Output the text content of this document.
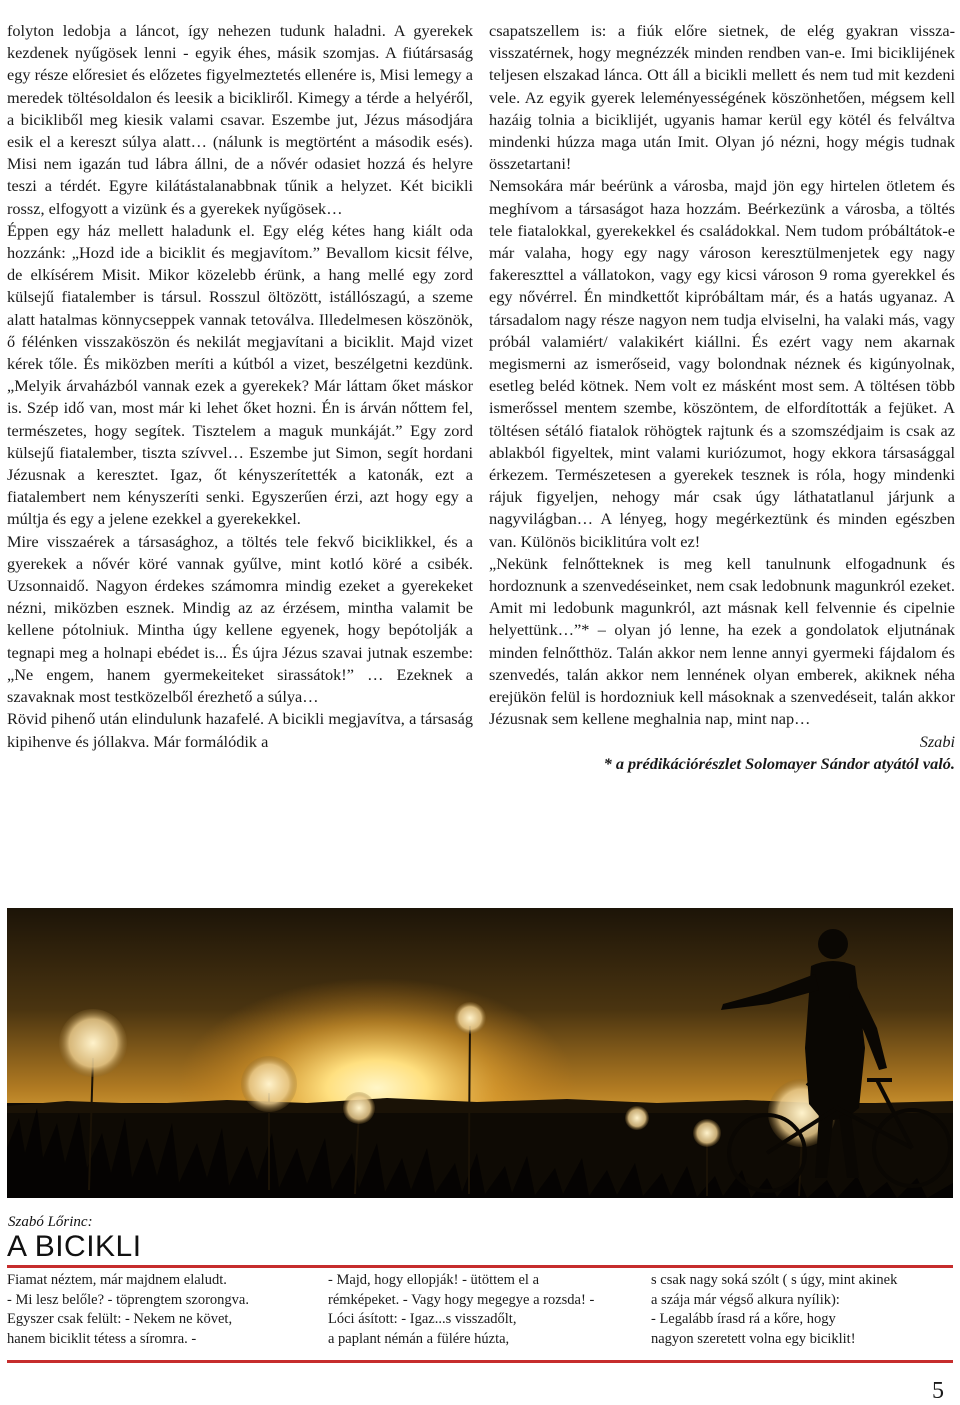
folyton ledobja a láncot, így nehezen tudunk haladni. A gyerekek kezdenek nyűgösek lenni - egyik éhes, másik szomjas. A fiútársaság egy része előresiet és előzetes figyelmeztetés ellenére is, Misi lemegy a meredek töltésoldalon és leesik a bicikliről. Kimegy a térde a helyéről, a bicikliből meg kiesik valami csavar. Eszembe jut, Jézus másodjára esik el a kereszt súlya alatt… (nálunk is megtörtént a második esés). Misi nem igazán tud lábra állni, de a nővér odasiet hozzá és helyre teszi a térdét. Egyre kilátástalanabbnak tűnik a helyzet. Két bicikli rossz, elfogyott a vizünk és a gyerekek nyűgösek…

Éppen egy ház mellett haladunk el. Egy elég kétes hang kiált oda hozzánk: „Hozd ide a biciklit és megjavítom.” Bevallom kicsit félve, de elkísérem Misit. Mikor közelebb érünk, a hang mellé egy zord külsejű fiatalember is társul. Rosszul öltözött, istállószagú, a szeme alatt hatalmas könnycseppek vannak tetoválva. Illedelmesen köszönök, ő félénken visszaköszön és nekilát megjavítani a biciklit. Majd vizet kérek tőle. És miközben meríti a kútból a vizet, beszélgetni kezdünk. „Melyik árvaházból vannak ezek a gyerekek? Már láttam őket máskor is. Szép idő van, most már ki lehet őket hozni. Én is árván nőttem fel, természetes, hogy segítek. Tisztelem a maguk munkáját.” Egy zord külsejű fiatalember, tiszta szívvel… Eszembe jut Simon, segít hordani Jézusnak a keresztet. Igaz, őt kényszerítették a katonák, ezt a fiatalembert nem kényszeríti senki. Egyszerűen érzi, azt hogy egy a múltja és egy a jelene ezekkel a gyerekekkel.

Mire visszaérek a társasághoz, a töltés tele fekvő biciklikkel, és a gyerekek a nővér köré vannak gyűlve, mint kotló köré a csibék. Uzsonnaidő. Nagyon érdekes számomra mindig ezeket a gyerekeket nézni, miközben esznek. Mindig az az érzésem, mintha valamit be kellene pótolniuk. Mintha úgy kellene egyenek, hogy bepótolják a tegnapi meg a holnapi ebédet is... És újra Jézus szavai jutnak eszembe: „Ne engem, hanem gyermekeiteket sirassátok!” … Ezeknek a szavaknak most testközelből érezhető a súlya…

Rövid pihenő után elindulunk hazafelé. A bicikli megjavítva, a társaság kipihenve és jóllakva. Már formálódik a

csapatszellem is: a fiúk előre sietnek, de elég gyakran vissza-visszatérnek, hogy megnézzék minden rendben van-e. Imi biciklijének teljesen elszakad lánca. Ott áll a bicikli mellett és nem tud mit kezdeni vele. Az egyik gyerek leleményességének köszönhetően, mégsem kell hazáig tolnia a biciklijét, ugyanis hamar kerül egy kötél és felváltva mindenki húzza maga után Imit. Olyan jó nézni, hogy mégis tudnak összetartani!

Nemsokára már beérünk a városba, majd jön egy hirtelen ötletem és meghívom a társaságot haza hozzám. Beérkezünk a városba, a töltés tele fiatalokkal, gyerekekkel és családokkal. Nem tudom próbáltátok-e már valaha, hogy egy nagy városon keresztülmenjetek egy nagy fakereszttel a vállatokon, vagy egy kicsi városon 9 roma gyerekkel és egy nővérrel. Én mindkettőt kipróbáltam már, és a hatás ugyanaz. A társadalom nagy része nagyon nem tudja elviselni, ha valaki más, vagy próbál valamiért/ valakikért kiállni. És ezért vagy nem akarnak megismerni az ismerőseid, vagy bolondnak néznek és kigúnyolnak, esetleg beléd kötnek. Nem volt ez másként most sem. A töltésen több ismerőssel mentem szembe, köszöntem, de elfordították a fejüket. A töltésen sétáló fiatalok röhögtek rajtunk és a szomszédjaim is csak az ablakból figyeltek, mint valami kuriózumot, hogy ekkora társasággal érkezem. Természetesen a gyerekek tesznek is róla, hogy mindenki rájuk figyeljen, nehogy már csak úgy láthatatlanul járjunk a nagyvilágban… A lényeg, hogy megérkeztünk és minden egészben van. Különös biciklitúra volt ez!

„Nekünk felnőtteknek is meg kell tanulnunk elfogadnunk és hordoznunk a szenvedéseinket, nem csak ledobnunk magunkról ezeket. Amit mi ledobunk magunkról, azt másnak kell felvennie és cipelnie helyettünk…”* – olyan jó lenne, ha ezek a gondolatok eljutnának minden felnőtthöz. Talán akkor nem lenne annyi gyermeki fájdalom és szenvedés, talán akkor nem lennének olyan emberek, akiknek néha erejükön felül is hordozniuk kell másoknak a szenvedéseit, talán akkor Jézusnak sem kellene meghalnia nap, mint nap…

Szabi

* a prédikációrészlet Solomayer Sándor atyától való.

Szabó Lőrinc:
A BICIKLI

Fiamat néztem, már majdnem elaludt.

- Mi lesz belőle? - töprengtem szorongva.

Egyszer csak felült: - Nekem ne követ,

hanem biciklit tétess a síromra. -

- Majd, hogy ellopják! - ütöttem el a

rémképeket. - Vagy hogy megegye a rozsda! -

Lóci ásított: - Igaz...s visszadőlt,

a paplant némán a fülére húzta,

s csak nagy soká szólt ( s úgy, mint akinek

a szája már végső alkura nyílik):

- Legalább írasd rá a kőre, hogy

nagyon szeretett volna egy biciklit!

5
